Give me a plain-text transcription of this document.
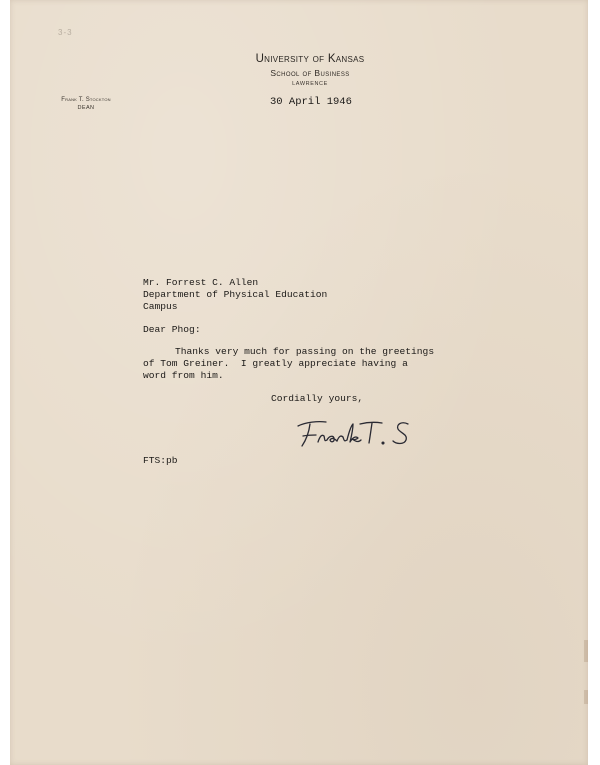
3-3
University of Kansas
School of Business
LAWRENCE
Frank T. Stockton
DEAN	30 April 1946
Mr. Forrest C. Allen
Department of Physical Education
Campus
Dear Phog:
Thanks very much for passing on the greetings
of Tom Greiner.  I greatly appreciate having a
word from him.
Cordially yours,
FTS:pb
